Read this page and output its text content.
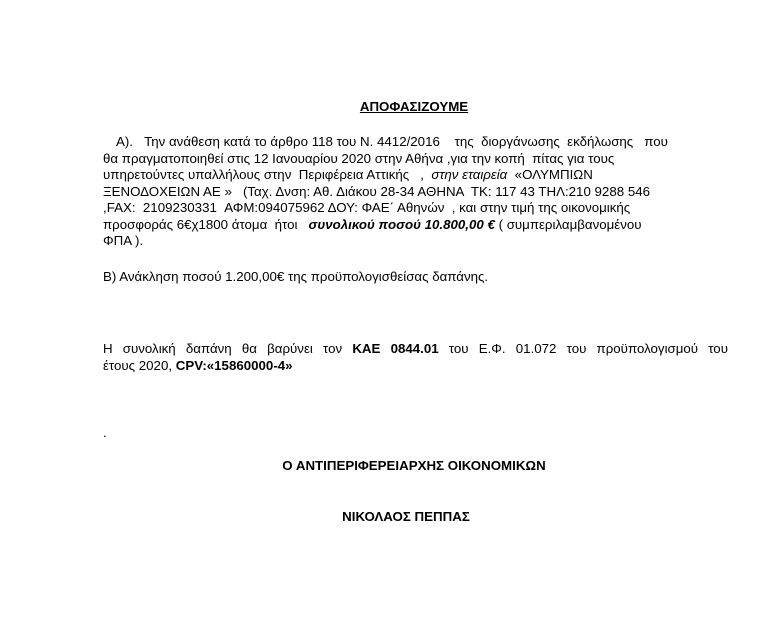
ΑΠΟΦΑΣΙΖΟΥΜΕ
Α). Την ανάθεση κατά το άρθρο 118 του Ν. 4412/2016    της  διοργάνωσης  εκδήλωσης   που
θα πραγματοποιηθεί στις 12 Ιανουαρίου 2020 στην Αθήνα ,για την κοπή  πίτας για τους
υπηρετούντες υπαλλήλους στην  Περιφέρεια Αττικής   , στην εταιρεία  «ΟΛΥΜΠΙΩΝ
ΞΕΝΟΔΟΧΕΙΩΝ ΑΕ »   (Ταχ. Δνση: Αθ. Διάκου 28-34 ΑΘΗΝΑ  ΤΚ: 117 43 ΤΗΛ:210 9288 546
,FAX:  2109230331  ΑΦΜ:094075962 ΔΟΥ: ΦΑΕ΄ Αθηνών  , και στην τιμή της οικονομικής
προσφοράς 6€χ1800 άτομα  ήτοι συνολικού ποσού 10.800,00 € ( συμπεριλαμβανομένου
ΦΠΑ ).
Β) Ανάκληση ποσού 1.200,00€ της προϋπολογισθείσας δαπάνης.
Η συνολική δαπάνη θα βαρύνει τον ΚΑΕ 0844.01 του Ε.Φ. 01.072 του προϋπολογισμού του
έτους 2020, CPV:«15860000-4»
.
Ο ΑΝΤΙΠΕΡΙΦΕΡΕΙΑΡΧΗΣ ΟΙΚΟΝΟΜΙΚΩΝ
ΝΙΚΟΛΑΟΣ ΠΕΠΠΑΣ
